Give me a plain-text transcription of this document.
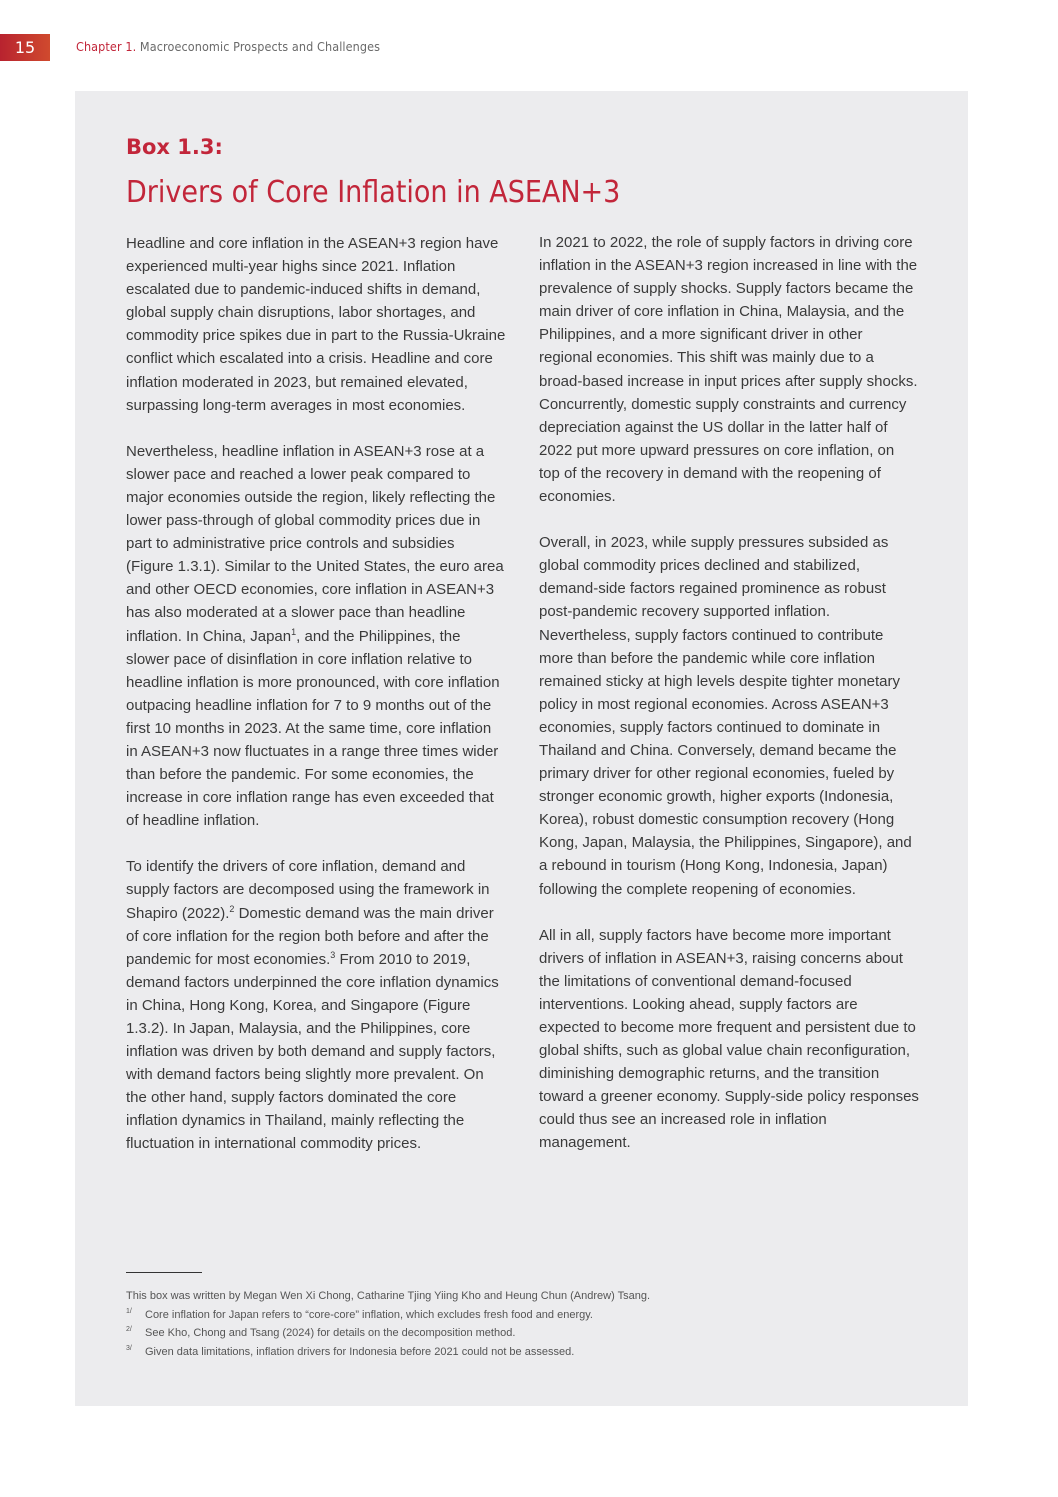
15	Chapter 1. Macroeconomic Prospects and Challenges
Box 1.3:
Drivers of Core Inflation in ASEAN+3

Headline and core inflation in the ASEAN+3 region have experienced multi-year highs since 2021. Inflation escalated due to pandemic-induced shifts in demand, global supply chain disruptions, labor shortages, and commodity price spikes due in part to the Russia-Ukraine conflict which escalated into a crisis. Headline and core inflation moderated in 2023, but remained elevated, surpassing long-term averages in most economies.

Nevertheless, headline inflation in ASEAN+3 rose at a slower pace and reached a lower peak compared to major economies outside the region, likely reflecting the lower pass-through of global commodity prices due in part to administrative price controls and subsidies (Figure 1.3.1). Similar to the United States, the euro area and other OECD economies, core inflation in ASEAN+3 has also moderated at a slower pace than headline inflation. In China, Japan$^1$, and the Philippines, the slower pace of disinflation in core inflation relative to headline inflation is more pronounced, with core inflation outpacing headline inflation for 7 to 9 months out of the first 10 months in 2023. At the same time, core inflation in ASEAN+3 now fluctuates in a range three times wider than before the pandemic. For some economies, the increase in core inflation range has even exceeded that of headline inflation.

To identify the drivers of core inflation, demand and supply factors are decomposed using the framework in Shapiro (2022).$^2$ Domestic demand was the main driver of core inflation for the region both before and after the pandemic for most economies.$^3$ From 2010 to 2019, demand factors underpinned the core inflation dynamics in China, Hong Kong, Korea, and Singapore (Figure 1.3.2). In Japan, Malaysia, and the Philippines, core inflation was driven by both demand and supply factors, with demand factors being slightly more prevalent. On the other hand, supply factors dominated the core inflation dynamics in Thailand, mainly reflecting the fluctuation in international commodity prices.

In 2021 to 2022, the role of supply factors in driving core inflation in the ASEAN+3 region increased in line with the prevalence of supply shocks. Supply factors became the main driver of core inflation in China, Malaysia, and the Philippines, and a more significant driver in other regional economies. This shift was mainly due to a broad-based increase in input prices after supply shocks. Concurrently, domestic supply constraints and currency depreciation against the US dollar in the latter half of 2022 put more upward pressures on core inflation, on top of the recovery in demand with the reopening of economies.

Overall, in 2023, while supply pressures subsided as global commodity prices declined and stabilized, demand-side factors regained prominence as robust post-pandemic recovery supported inflation. Nevertheless, supply factors continued to contribute more than before the pandemic while core inflation remained sticky at high levels despite tighter monetary policy in most regional economies. Across ASEAN+3 economies, supply factors continued to dominate in Thailand and China. Conversely, demand became the primary driver for other regional economies, fueled by stronger economic growth, higher exports (Indonesia, Korea), robust domestic consumption recovery (Hong Kong, Japan, Malaysia, the Philippines, Singapore), and a rebound in tourism (Hong Kong, Indonesia, Japan) following the complete reopening of economies.

All in all, supply factors have become more important drivers of inflation in ASEAN+3, raising concerns about the limitations of conventional demand-focused interventions. Looking ahead, supply factors are expected to become more frequent and persistent due to global shifts, such as global value chain reconfiguration, diminishing demographic returns, and the transition toward a greener economy. Supply-side policy responses could thus see an increased role in inflation management.

This box was written by Megan Wen Xi Chong, Catharine Tjing Yiing Kho and Heung Chun (Andrew) Tsang.
1/	Core inflation for Japan refers to “core-core” inflation, which excludes fresh food and energy.
2/	See Kho, Chong and Tsang (2024) for details on the decomposition method.
3/	Given data limitations, inflation drivers for Indonesia before 2021 could not be assessed.
